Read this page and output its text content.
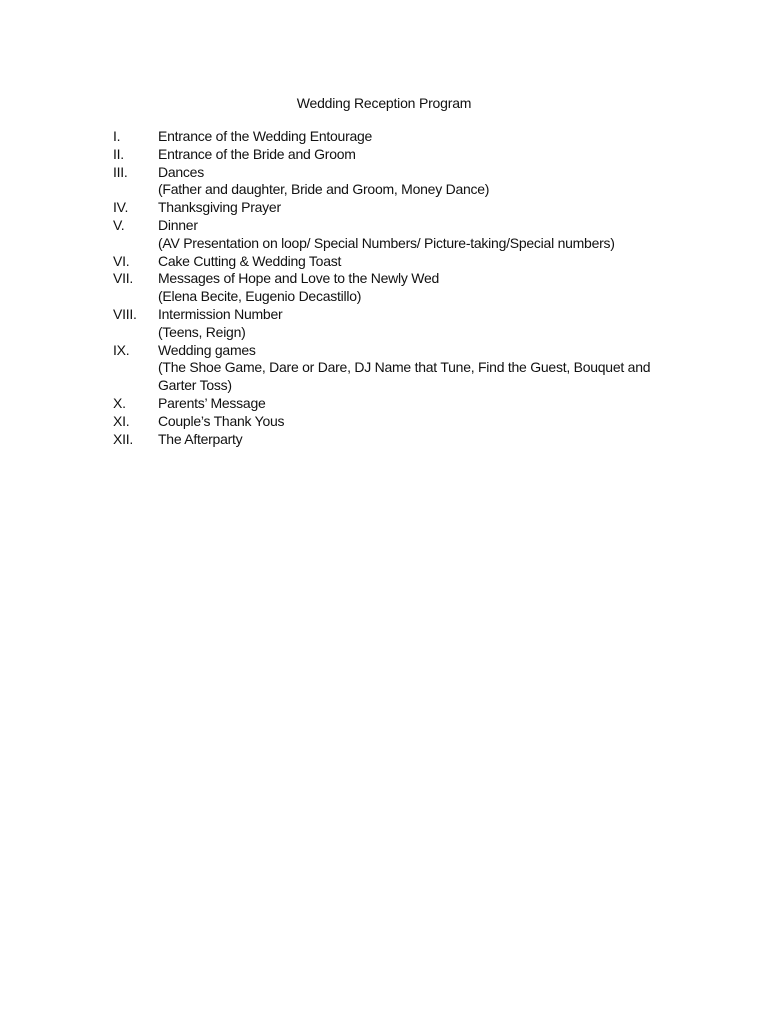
Wedding Reception Program
I.	Entrance of the Wedding Entourage
II.	Entrance of the Bride and Groom
III.	Dances
(Father and daughter, Bride and Groom, Money Dance)
IV.	Thanksgiving Prayer
V.	Dinner
(AV Presentation on loop/ Special Numbers/ Picture-taking/Special numbers)
VI.	Cake Cutting & Wedding Toast
VII.	Messages of Hope and Love to the Newly Wed
(Elena Becite, Eugenio Decastillo)
VIII.	Intermission Number
(Teens, Reign)
IX.	Wedding games
(The Shoe Game, Dare or Dare, DJ Name that Tune, Find the Guest, Bouquet and Garter Toss)
X.	Parents’ Message
XI.	Couple’s Thank Yous
XII.	The Afterparty
